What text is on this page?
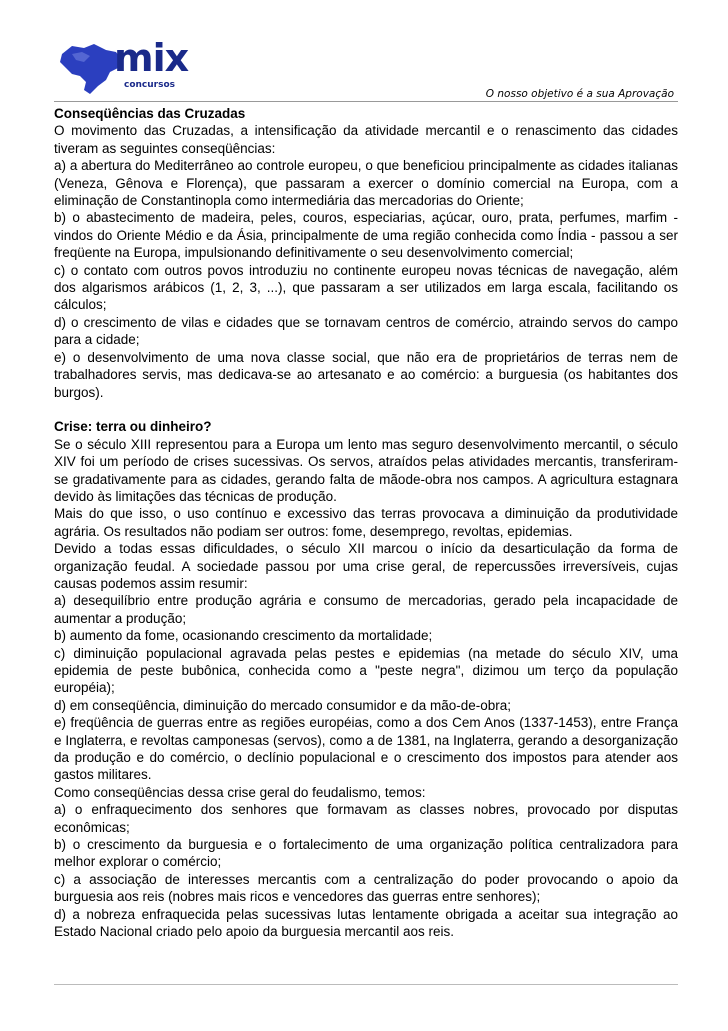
mix
concursos
O nosso objetivo é a sua Aprovação
Conseqüências das Cruzadas

O movimento das Cruzadas, a intensificação da atividade mercantil e o renascimento das cidades tiveram as seguintes conseqüências:

a) a abertura do Mediterrâneo ao controle europeu, o que beneficiou principalmente as cidades italianas (Veneza, Gênova e Florença), que passaram a exercer o domínio comercial na Europa, com a eliminação de Constantinopla como intermediária das mercadorias do Oriente;

b) o abastecimento de madeira, peles, couros, especiarias, açúcar, ouro, prata, perfumes, marfim - vindos do Oriente Médio e da Ásia, principalmente de uma região conhecida como Índia - passou a ser freqüente na Europa, impulsionando definitivamente o seu desenvolvimento comercial;

c) o contato com outros povos introduziu no continente europeu novas técnicas de navegação, além dos algarismos arábicos (1, 2, 3, ...), que passaram a ser utilizados em larga escala, facilitando os cálculos;

d) o crescimento de vilas e cidades que se tornavam centros de comércio, atraindo servos do campo para a cidade;

e) o desenvolvimento de uma nova classe social, que não era de proprietários de terras nem de trabalhadores servis, mas dedicava-se ao artesanato e ao comércio: a burguesia (os habitantes dos burgos).

Crise: terra ou dinheiro?

Se o século XIII representou para a Europa um lento mas seguro desenvolvimento mercantil, o século XIV foi um período de crises sucessivas. Os servos, atraídos pelas atividades mercantis, transferiram-se gradativamente para as cidades, gerando falta de mãode-obra nos campos. A agricultura estagnara devido às limitações das técnicas de produção.

Mais do que isso, o uso contínuo e excessivo das terras provocava a diminuição da produtividade agrária. Os resultados não podiam ser outros: fome, desemprego, revoltas, epidemias.

Devido a todas essas dificuldades, o século XII marcou o início da desarticulação da forma de organização feudal. A sociedade passou por uma crise geral, de repercussões irreversíveis, cujas causas podemos assim resumir:

a) desequilíbrio entre produção agrária e consumo de mercadorias, gerado pela incapacidade de aumentar a produção;

b) aumento da fome, ocasionando crescimento da mortalidade;

c) diminuição populacional agravada pelas pestes e epidemias (na metade do século XIV, uma epidemia de peste bubônica, conhecida como a "peste negra", dizimou um terço da população européia);

d) em conseqüência, diminuição do mercado consumidor e da mão-de-obra;

e) freqüência de guerras entre as regiões européias, como a dos Cem Anos (1337-1453), entre França e Inglaterra, e revoltas camponesas (servos), como a de 1381, na Inglaterra, gerando a desorganização da produção e do comércio, o declínio populacional e o crescimento dos impostos para atender aos gastos militares.

Como conseqüências dessa crise geral do feudalismo, temos:

a) o enfraquecimento dos senhores que formavam as classes nobres, provocado por disputas econômicas;

b) o crescimento da burguesia e o fortalecimento de uma organização política centralizadora para melhor explorar o comércio;

c) a associação de interesses mercantis com a centralização do poder provocando o apoio da burguesia aos reis (nobres mais ricos e vencedores das guerras entre senhores);

d) a nobreza enfraquecida pelas sucessivas lutas lentamente obrigada a aceitar sua integração ao Estado Nacional criado pelo apoio da burguesia mercantil aos reis.
